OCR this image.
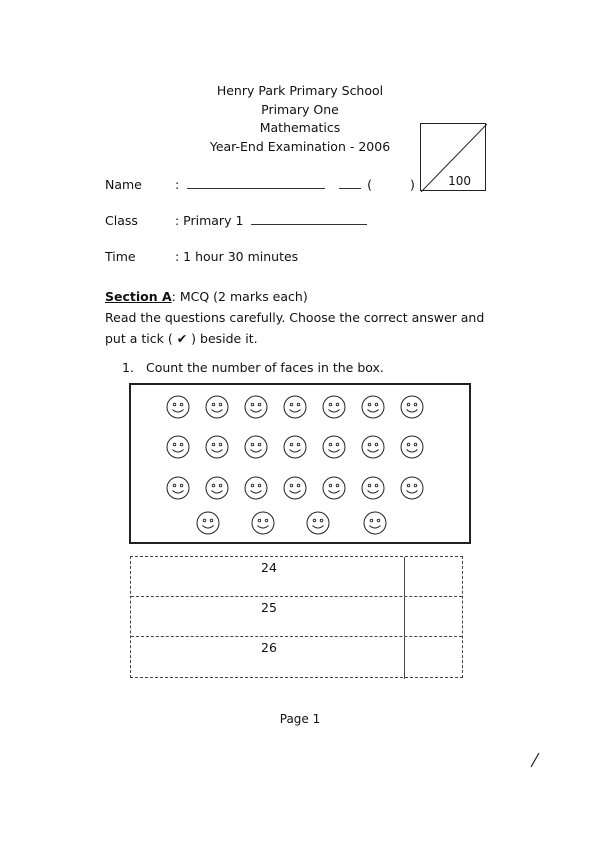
Henry Park Primary School
Primary One
Mathematics
Year-End Examination - 2006
100
Name	:	(	)
Class	: Primary 1
Time	: 1 hour 30 minutes
Section A: MCQ (2 marks each)
Read the questions carefully. Choose the correct answer and put a tick ( ✔ ) beside it.
1. Count the number of faces in the box.
24
25
26
Page 1
